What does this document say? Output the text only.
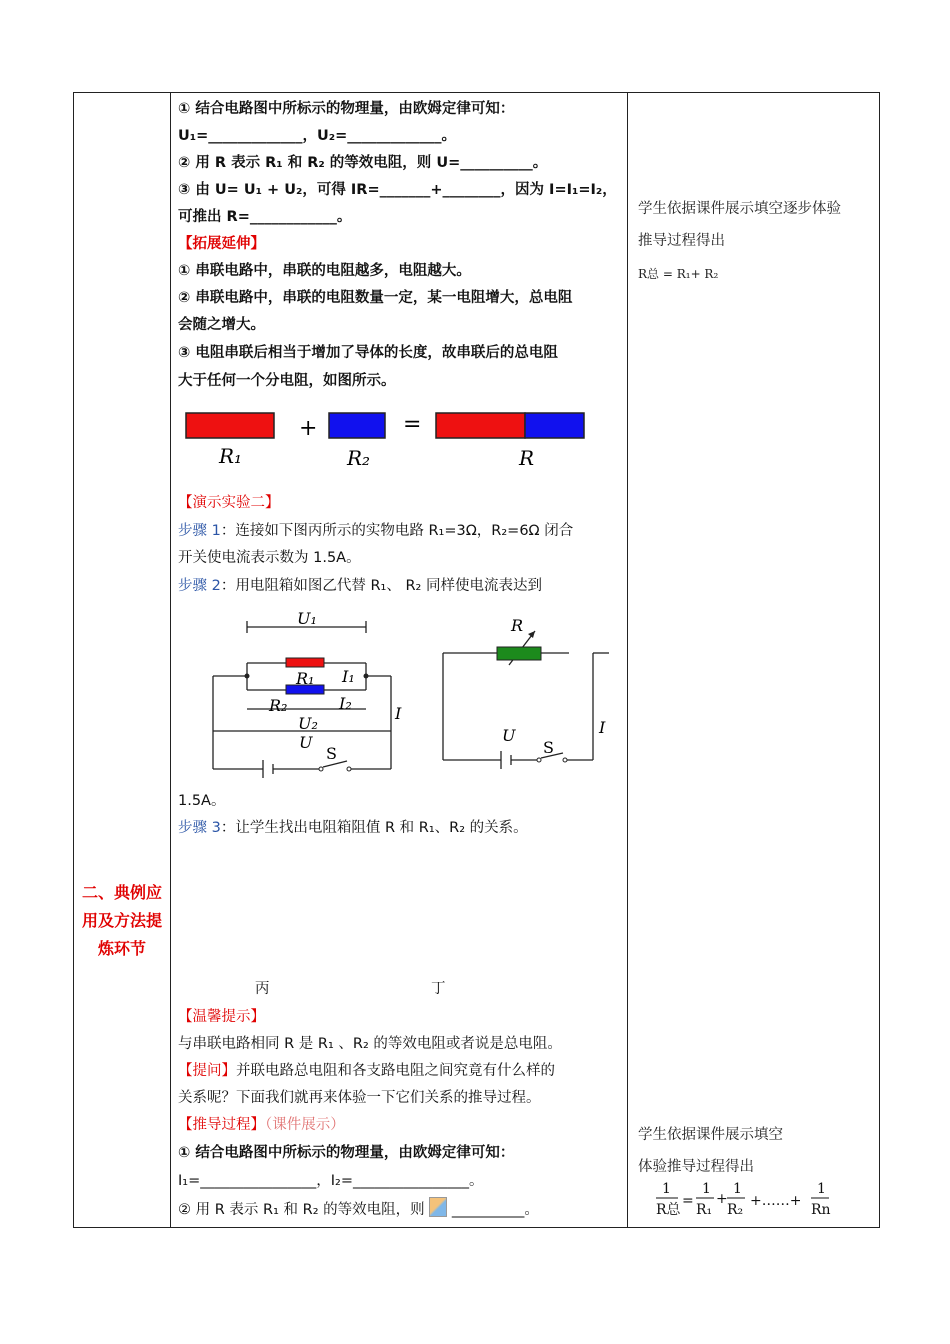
二、典例应用及方法提炼环节
① 结合电路图中所标示的物理量，由欧姆定律可知：
U₁=_____________，U₂=_____________。
② 用 R 表示 R₁ 和 R₂ 的等效电阻，则 U=__________。
③ 由 U= U₁ + U₂，可得 IR=_______+________，因为 I=I₁=I₂，
可推出 R=____________。
【拓展延伸】
① 串联电路中，串联的电阻越多，电阻越大。
② 串联电路中，串联的电阻数量一定，某一电阻增大，总电阻
会随之增大。
③ 电阻串联后相当于增加了导体的长度，故串联后的总电阻
大于任何一个分电阻，如图所示。
+	=
R₁	R₂	R
【演示实验二】
步骤 1：连接如下图丙所示的实物电路 R₁=3Ω，R₂=6Ω 闭合
开关使电流表示数为 1.5A。
步骤 2：用电阻箱如图乙代替 R₁、 R₂ 同样使电流表达到
U₁
R₁ I₁
R₂	I₂
U₂
U
I
S
R
I
U
S
1.5A。
步骤 3：让学生找出电阻箱阻值 R 和 R₁、R₂ 的关系。
丙	丁
【温馨提示】
与串联电路相同 R 是 R₁ 、R₂ 的等效电阻或者说是总电阻。
【提问】并联电路总电阻和各支路电阻之间究竟有什么样的
关系呢？下面我们就再来体验一下它们关系的推导过程。
【推导过程】（课件展示）
① 结合电路图中所标示的物理量，由欧姆定律可知：
I₁=________________，I₂=________________。
② 用 R 表示 R₁ 和 R₂ 的等效电阻，则 __________。
学生依据课件展示填空逐步体验
推导过程得出
R总 = R₁+ R₂
学生依据课件展示填空
体验推导过程得出
1
R总
=
1
R₁
+
1
R₂
+……+
1
Rn
